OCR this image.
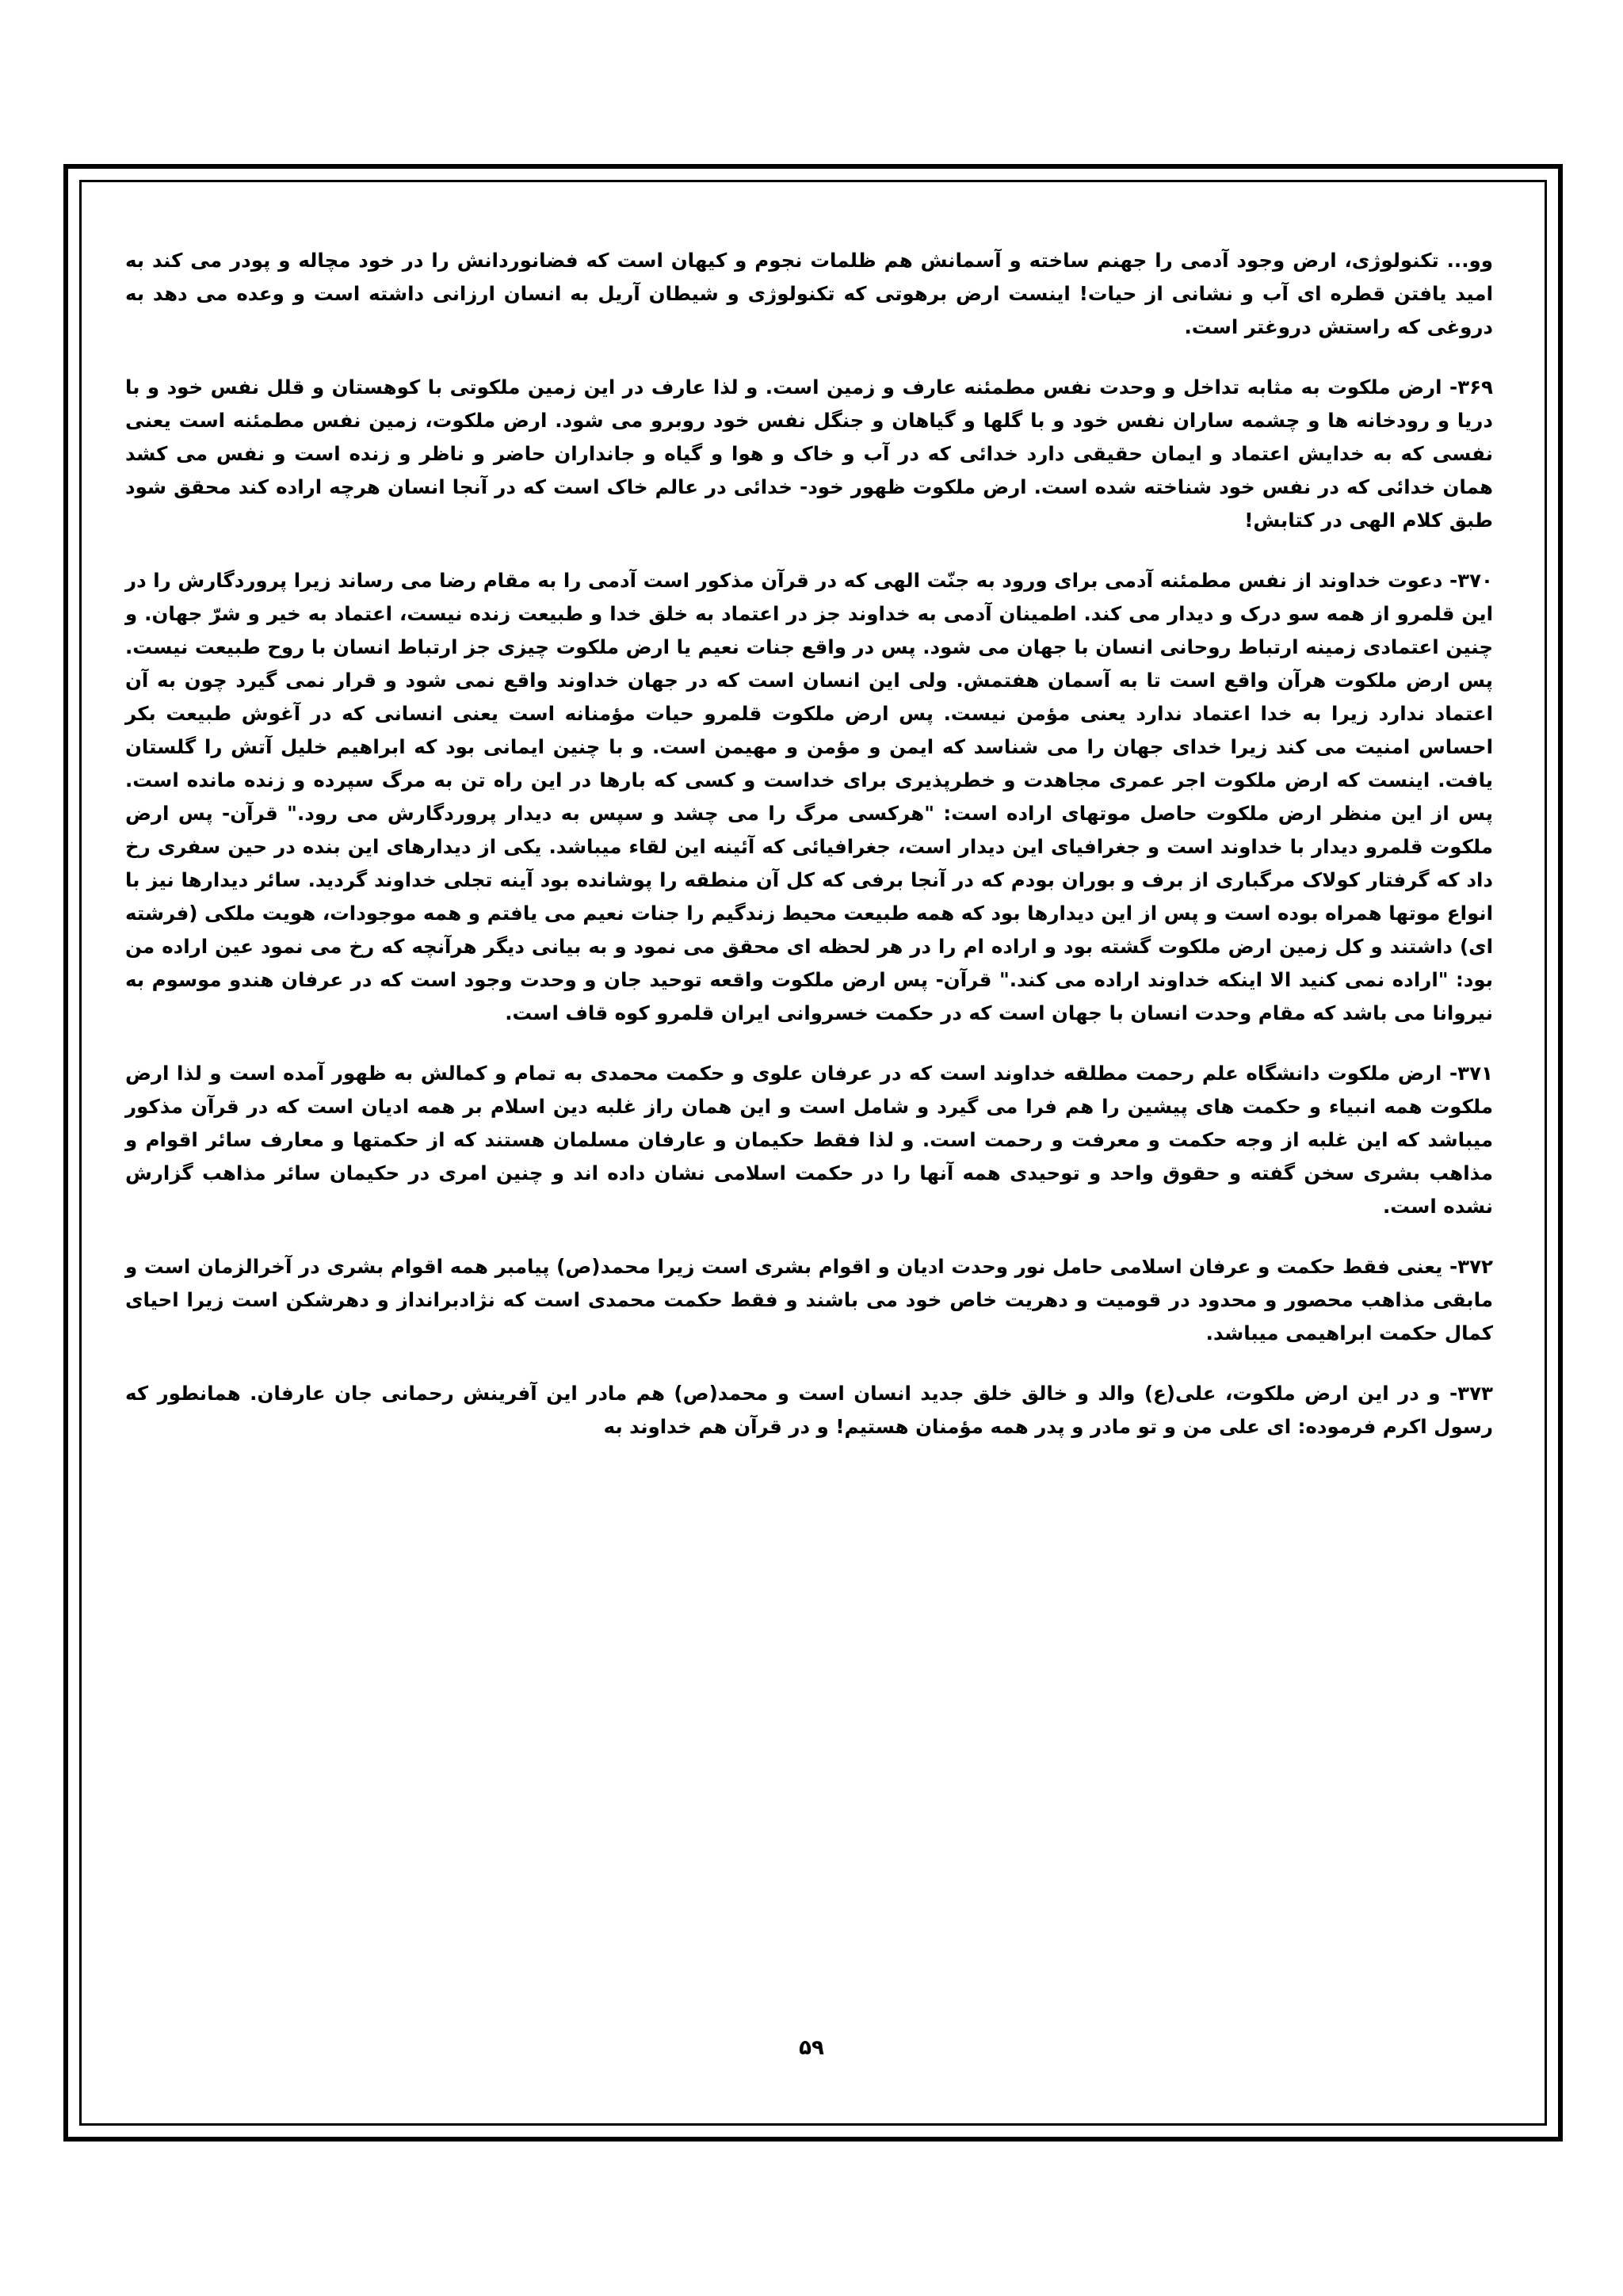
وو... تکنولوژی، ارض وجود آدمی را جهنم ساخته و آسمانش هم ظلمات نجوم و کیهان است که فضانوردانش را در خود مچاله و پودر می کند به امید یافتن قطره ای آب و نشانی از حیات! اینست ارض برهوتی که تکنولوژی و شیطان آریل به انسان ارزانی داشته است و وعده می دهد به دروغی که راستش دروغتر است.

۳۶۹- ارض ملکوت به مثابه تداخل و وحدت نفس مطمئنه عارف و زمین است. و لذا عارف در این زمین ملکوتی با کوهستان و قلل نفس خود و با دریا و رودخانه ها و چشمه ساران نفس خود و با گلها و گیاهان و جنگل نفس خود روبرو می شود. ارض ملکوت، زمین نفس مطمئنه است یعنی نفسی که به خدایش اعتماد و ایمان حقیقی دارد خدائی که در آب و خاک و هوا و گیاه و جانداران حاضر و ناظر و زنده است و نفس می کشد همان خدائی که در نفس خود شناخته شده است. ارض ملکوت ظهور خود- خدائی در عالم خاک است که در آنجا انسان هرچه اراده کند محقق شود طبق کلام الهی در کتابش!

۳۷۰- دعوت خداوند از نفس مطمئنه آدمی برای ورود به جنّت الهی که در قرآن مذکور است آدمی را به مقام رضا می رساند زیرا پروردگارش را در این قلمرو از همه سو درک و دیدار می کند. اطمینان آدمی به خداوند جز در اعتماد به خلق خدا و طبیعت زنده نیست، اعتماد به خیر و شرّ جهان. و چنین اعتمادی زمینه ارتباط روحانی انسان با جهان می شود. پس در واقع جنات نعیم یا ارض ملکوت چیزی جز ارتباط انسان با روح طبیعت نیست. پس ارض ملکوت هرآن واقع است تا به آسمان هفتمش. ولی این انسان است که در جهان خداوند واقع نمی شود و قرار نمی گیرد چون به آن اعتماد ندارد زیرا به خدا اعتماد ندارد یعنی مؤمن نیست. پس ارض ملکوت قلمرو حیات مؤمنانه است یعنی انسانی که در آغوش طبیعت بکر احساس امنیت می کند زیرا خدای جهان را می شناسد که ایمن و مؤمن و مهیمن است. و با چنین ایمانی بود که ابراهیم خلیل آتش را گلستان یافت. اینست که ارض ملکوت اجر عمری مجاهدت و خطرپذیری برای خداست و کسی که بارها در این راه تن به مرگ سپرده و زنده مانده است. پس از این منظر ارض ملکوت حاصل موتهای اراده است: "هرکسی مرگ را می چشد و سپس به دیدار پروردگارش می رود." قرآن- پس ارض ملکوت قلمرو دیدار با خداوند است و جغرافیای این دیدار است، جغرافیائی که آئینه این لقاء میباشد. یکی از دیدارهای این بنده در حین سفری رخ داد که گرفتار کولاک مرگباری از برف و بوران بودم که در آنجا برفی که کل آن منطقه را پوشانده بود آینه تجلی خداوند گردید. سائر دیدارها نیز با انواع موتها همراه بوده است و پس از این دیدارها بود که همه طبیعت محیط زندگیم را جنات نعیم می یافتم و همه موجودات، هویت ملکی (فرشته ای) داشتند و کل زمین ارض ملکوت گشته بود و اراده ام را در هر لحظه ای محقق می نمود و به بیانی دیگر هرآنچه که رخ می نمود عین اراده من بود: "اراده نمی کنید الا اینکه خداوند اراده می کند." قرآن- پس ارض ملکوت واقعه توحید جان و وحدت وجود است که در عرفان هندو موسوم به نیروانا می باشد که مقام وحدت انسان با جهان است که در حکمت خسروانی ایران قلمرو کوه قاف است.

۳۷۱- ارض ملکوت دانشگاه علم رحمت مطلقه خداوند است که در عرفان علوی و حکمت محمدی به تمام و کمالش به ظهور آمده است و لذا ارض ملکوت همه انبیاء و حکمت های پیشین را هم فرا می گیرد و شامل است و این همان راز غلبه دین اسلام بر همه ادیان است که در قرآن مذکور میباشد که این غلبه از وجه حکمت و معرفت و رحمت است. و لذا فقط حکیمان و عارفان مسلمان هستند که از حکمتها و معارف سائر اقوام و مذاهب بشری سخن گفته و حقوق واحد و توحیدی همه آنها را در حکمت اسلامی نشان داده اند و چنین امری در حکیمان سائر مذاهب گزارش نشده است.

۳۷۲- یعنی فقط حکمت و عرفان اسلامی حامل نور وحدت ادیان و اقوام بشری است زیرا محمد(ص) پیامبر همه اقوام بشری در آخرالزمان است و مابقی مذاهب محصور و محدود در قومیت و دهریت خاص خود می باشند و فقط حکمت محمدی است که نژادبرانداز و دهرشکن است زیرا احیای کمال حکمت ابراهیمی میباشد.

۳۷۳- و در این ارض ملکوت، علی(ع) والد و خالق خلق جدید انسان است و محمد(ص) هم مادر این آفرینش رحمانی جان عارفان. همانطور که رسول اکرم فرموده: ای علی من و تو مادر و پدر همه مؤمنان هستیم! و در قرآن هم خداوند به

۵۹
